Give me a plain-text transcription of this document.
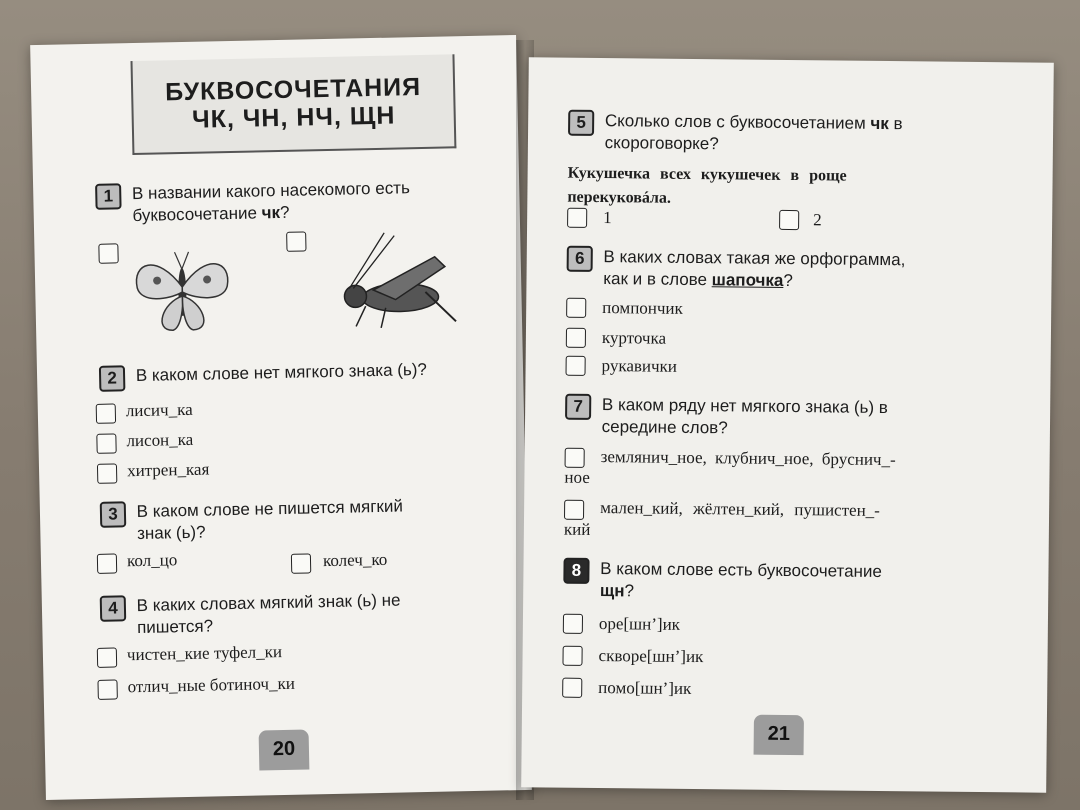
БУКВОСОЧЕТАНИЯ
ЧК, ЧН, НЧ, ЩН
1 В названии какого насекомого есть
буквосочетание чк?
2 В каком слове нет мягкого знака (ь)?
лисич_ка
лисон_ка
хитрен_кая
3 В каком слове не пишется мягкий
знак (ь)?
кол_цо	колеч_ко
4 В каких словах мягкий знак (ь) не
пишется?
чистен_кие туфел_ки
отлич_ные ботиноч_ки
20
5 Сколько слов с буквосочетанием чк в
скороговорке?
Кукушечка всех кукушечек в роще
перекуковáла.
1	2
6 В каких словах такая же орфограмма,
как и в слове шапочка?
помпончик
курточка
рукавички
7 В каком ряду нет мягкого знака (ь) в
середине слов?
землянич_ное, клубнич_ное, бруснич_-
ное
мален_кий, жёлтен_кий, пушистен_-
кий
8 В каком слове есть буквосочетание
щн?
оре[шн’]ик
скворе[шн’]ик
помо[шн’]ик
21
